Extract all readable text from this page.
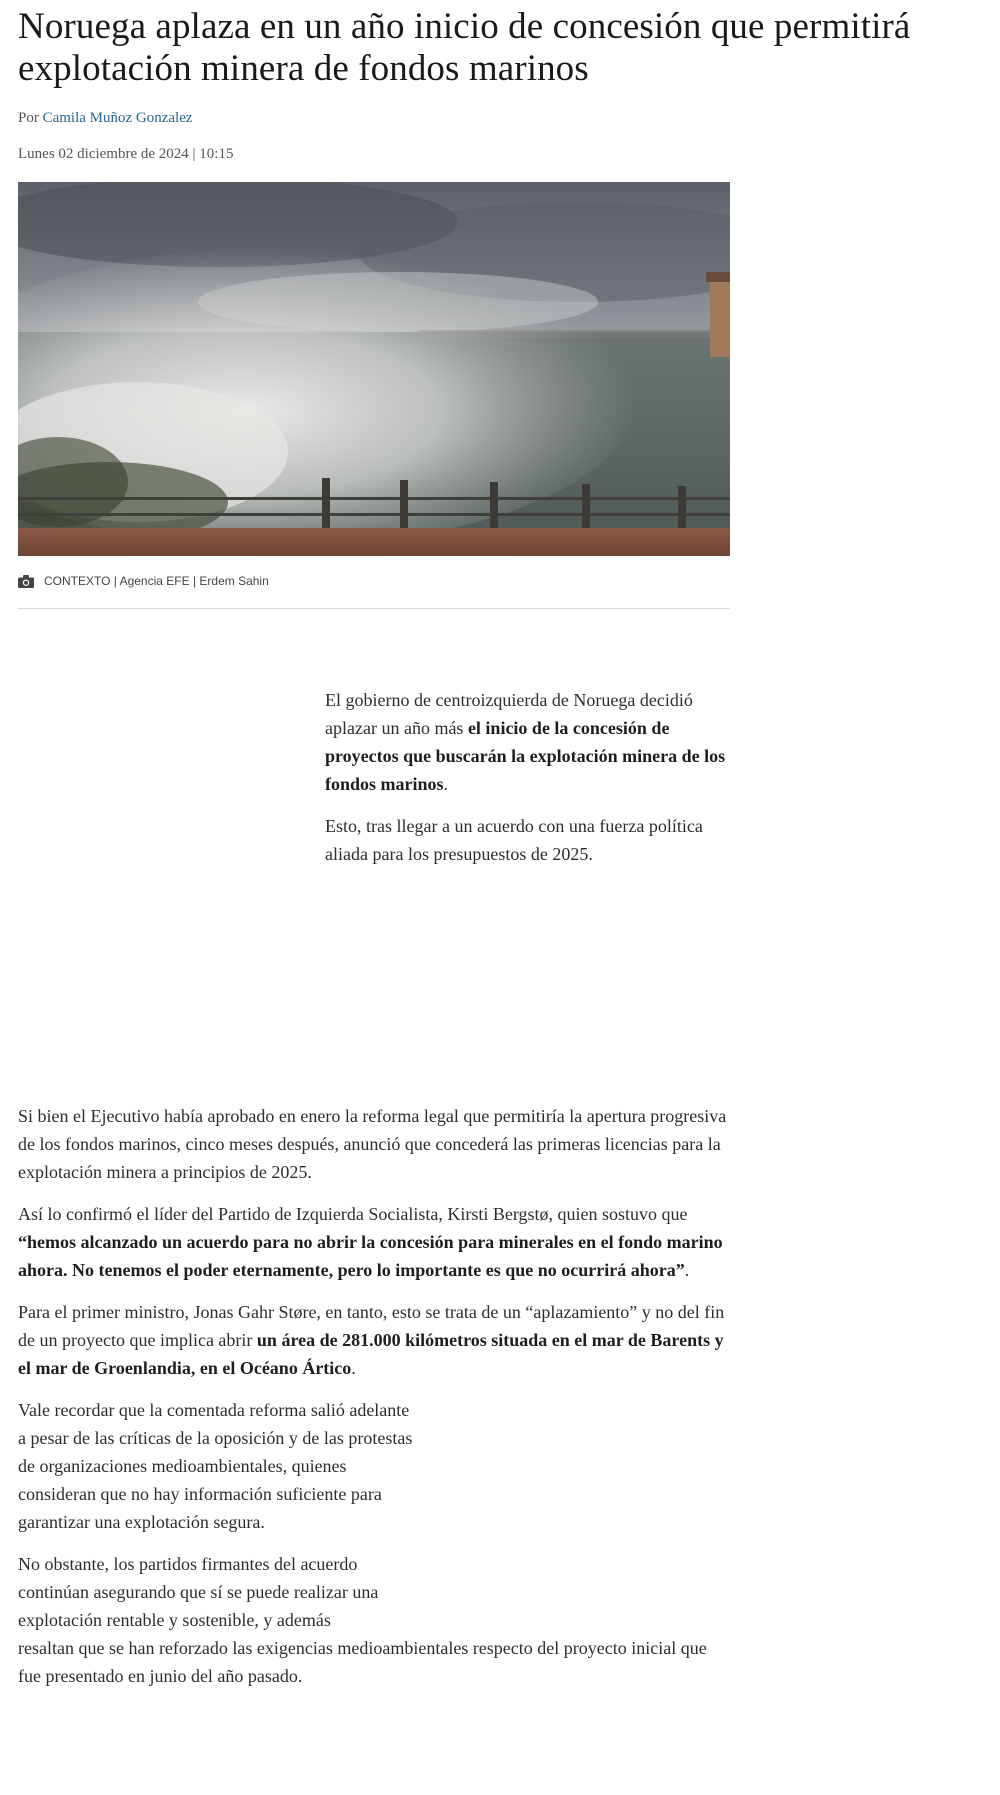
Noruega aplaza en un año inicio de concesión que permitirá explotación minera de fondos marinos
Por Camila Muñoz Gonzalez
Lunes 02 diciembre de 2024 | 10:15
CONTEXTO | Agencia EFE | Erdem Sahin

El gobierno de centroizquierda de Noruega decidió aplazar un año más el inicio de la concesión de proyectos que buscarán la explotación minera de los fondos marinos.

Esto, tras llegar a un acuerdo con una fuerza política aliada para los presupuestos de 2025.

Si bien el Ejecutivo había aprobado en enero la reforma legal que permitiría la apertura progresiva de los fondos marinos, cinco meses después, anunció que concederá las primeras licencias para la explotación minera a principios de 2025.

Así lo confirmó el líder del Partido de Izquierda Socialista, Kirsti Bergstø, quien sostuvo que “hemos alcanzado un acuerdo para no abrir la concesión para minerales en el fondo marino ahora. No tenemos el poder eternamente, pero lo importante es que no ocurrirá ahora”.

Para el primer ministro, Jonas Gahr Støre, en tanto, esto se trata de un “aplazamiento” y no del fin de un proyecto que implica abrir un área de 281.000 kilómetros situada en el mar de Barents y el mar de Groenlandia, en el Océano Ártico.

Vale recordar que la comentada reforma salió adelante a pesar de las críticas de la oposición y de las protestas de organizaciones medioambientales, quienes consideran que no hay información suficiente para garantizar una explotación segura.

No obstante, los partidos firmantes del acuerdo continúan asegurando que sí se puede realizar una explotación rentable y sostenible, y además
resaltan que se han reforzado las exigencias medioambientales respecto del proyecto inicial que fue presentado en junio del año pasado.
